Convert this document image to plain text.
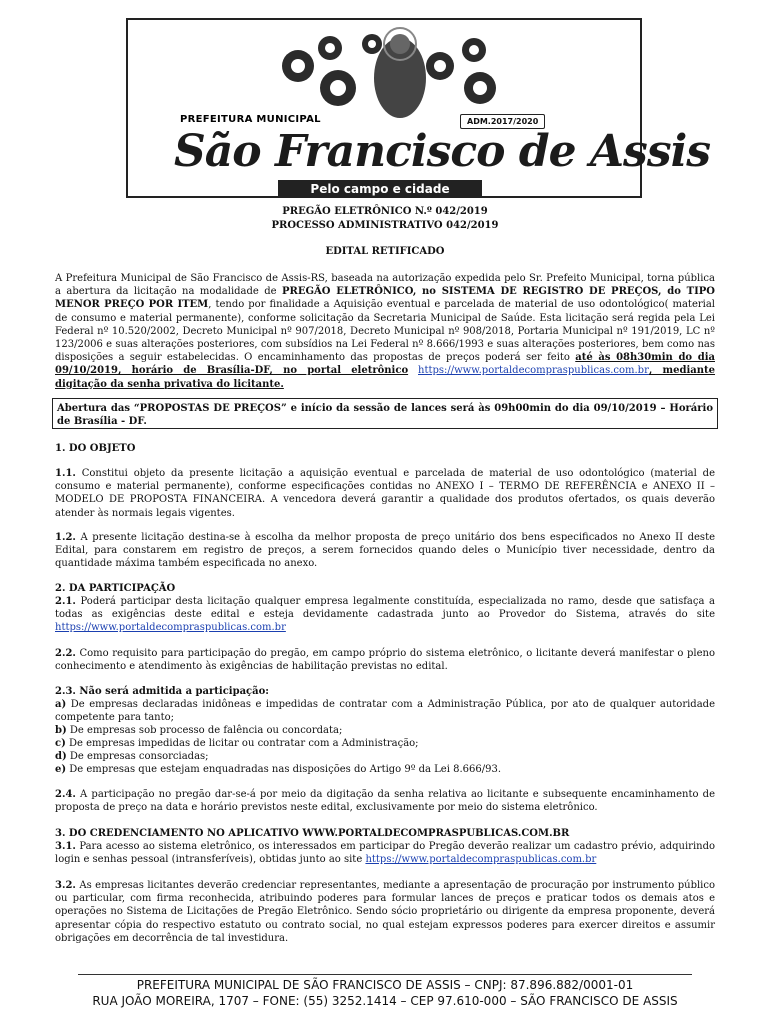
PREFEITURA MUNICIPAL	ADM.2017/2020
São Francisco de Assis
Pelo campo e cidade
PREGÃO ELETRÔNICO N.º 042/2019
PROCESSO ADMINISTRATIVO 042/2019
EDITAL RETIFICADO

A Prefeitura Municipal de São Francisco de Assis-RS, baseada na autorização expedida pelo Sr. Prefeito Municipal, torna pública a abertura da licitação na modalidade de PREGÃO ELETRÔNICO, no SISTEMA DE REGISTRO DE PREÇOS, do TIPO MENOR PREÇO POR ITEM, tendo por finalidade a Aquisição eventual e parcelada de material de uso odontológico( material de consumo e material permanente), conforme solicitação da Secretaria Municipal de Saúde. Esta licitação será regida pela Lei Federal nº 10.520/2002, Decreto Municipal nº 907/2018, Decreto Municipal nº 908/2018, Portaria Municipal nº 191/2019, LC nº 123/2006 e suas alterações posteriores, com subsídios na Lei Federal nº 8.666/1993 e suas alterações posteriores, bem como nas disposições a seguir estabelecidas. O encaminhamento das propostas de preços poderá ser feito até às 08h30min do dia 09/10/2019, horário de Brasília-DF, no portal eletrônico https://www.portaldecompraspublicas.com.br, mediante digitação da senha privativa do licitante.

Abertura das “PROPOSTAS DE PREÇOS” e início da sessão de lances será às 09h00min do dia 09/10/2019 – Horário de Brasília - DF.

1. DO OBJETO

1.1. Constitui objeto da presente licitação a aquisição eventual e parcelada de material de uso odontológico (material de consumo e material permanente), conforme especificações contidas no ANEXO I – TERMO DE REFERÊNCIA e ANEXO II – MODELO DE PROPOSTA FINANCEIRA. A vencedora deverá garantir a qualidade dos produtos ofertados, os quais deverão atender às normais legais vigentes.

1.2. A presente licitação destina-se à escolha da melhor proposta de preço unitário dos bens especificados no Anexo II deste Edital, para constarem em registro de preços, a serem fornecidos quando deles o Município tiver necessidade, dentro da quantidade máxima também especificada no anexo.

2. DA PARTICIPAÇÃO

2.1. Poderá participar desta licitação qualquer empresa legalmente constituída, especializada no ramo, desde que satisfaça a todas as exigências deste edital e esteja devidamente cadastrada junto ao Provedor do Sistema, através do site https://www.portaldecompraspublicas.com.br

2.2. Como requisito para participação do pregão, em campo próprio do sistema eletrônico, o licitante deverá manifestar o pleno conhecimento e atendimento às exigências de habilitação previstas no edital.

2.3. Não será admitida a participação:

a) De empresas declaradas inidôneas e impedidas de contratar com a Administração Pública, por ato de qualquer autoridade competente para tanto;

b) De empresas sob processo de falência ou concordata;

c) De empresas impedidas de licitar ou contratar com a Administração;

d) De empresas consorciadas;

e) De empresas que estejam enquadradas nas disposições do Artigo 9º da Lei 8.666/93.

2.4. A participação no pregão dar-se-á por meio da digitação da senha relativa ao licitante e subsequente encaminhamento de proposta de preço na data e horário previstos neste edital, exclusivamente por meio do sistema eletrônico.

3. DO CREDENCIAMENTO NO APLICATIVO WWW.PORTALDECOMPRASPUBLICAS.COM.BR

3.1. Para acesso ao sistema eletrônico, os interessados em participar do Pregão deverão realizar um cadastro prévio, adquirindo login e senhas pessoal (intransferíveis), obtidas junto ao site https://www.portaldecompraspublicas.com.br

3.2. As empresas licitantes deverão credenciar representantes, mediante a apresentação de procuração por instrumento público ou particular, com firma reconhecida, atribuindo poderes para formular lances de preços e praticar todos os demais atos e operações no Sistema de Licitações de Pregão Eletrônico. Sendo sócio proprietário ou dirigente da empresa proponente, deverá apresentar cópia do respectivo estatuto ou contrato social, no qual estejam expressos poderes para exercer direitos e assumir obrigações em decorrência de tal investidura.

PREFEITURA MUNICIPAL DE SÃO FRANCISCO DE ASSIS – CNPJ: 87.896.882/0001-01
RUA JOÃO MOREIRA, 1707 – FONE: (55) 3252.1414 – CEP 97.610-000 – SÃO FRANCISCO DE ASSIS
